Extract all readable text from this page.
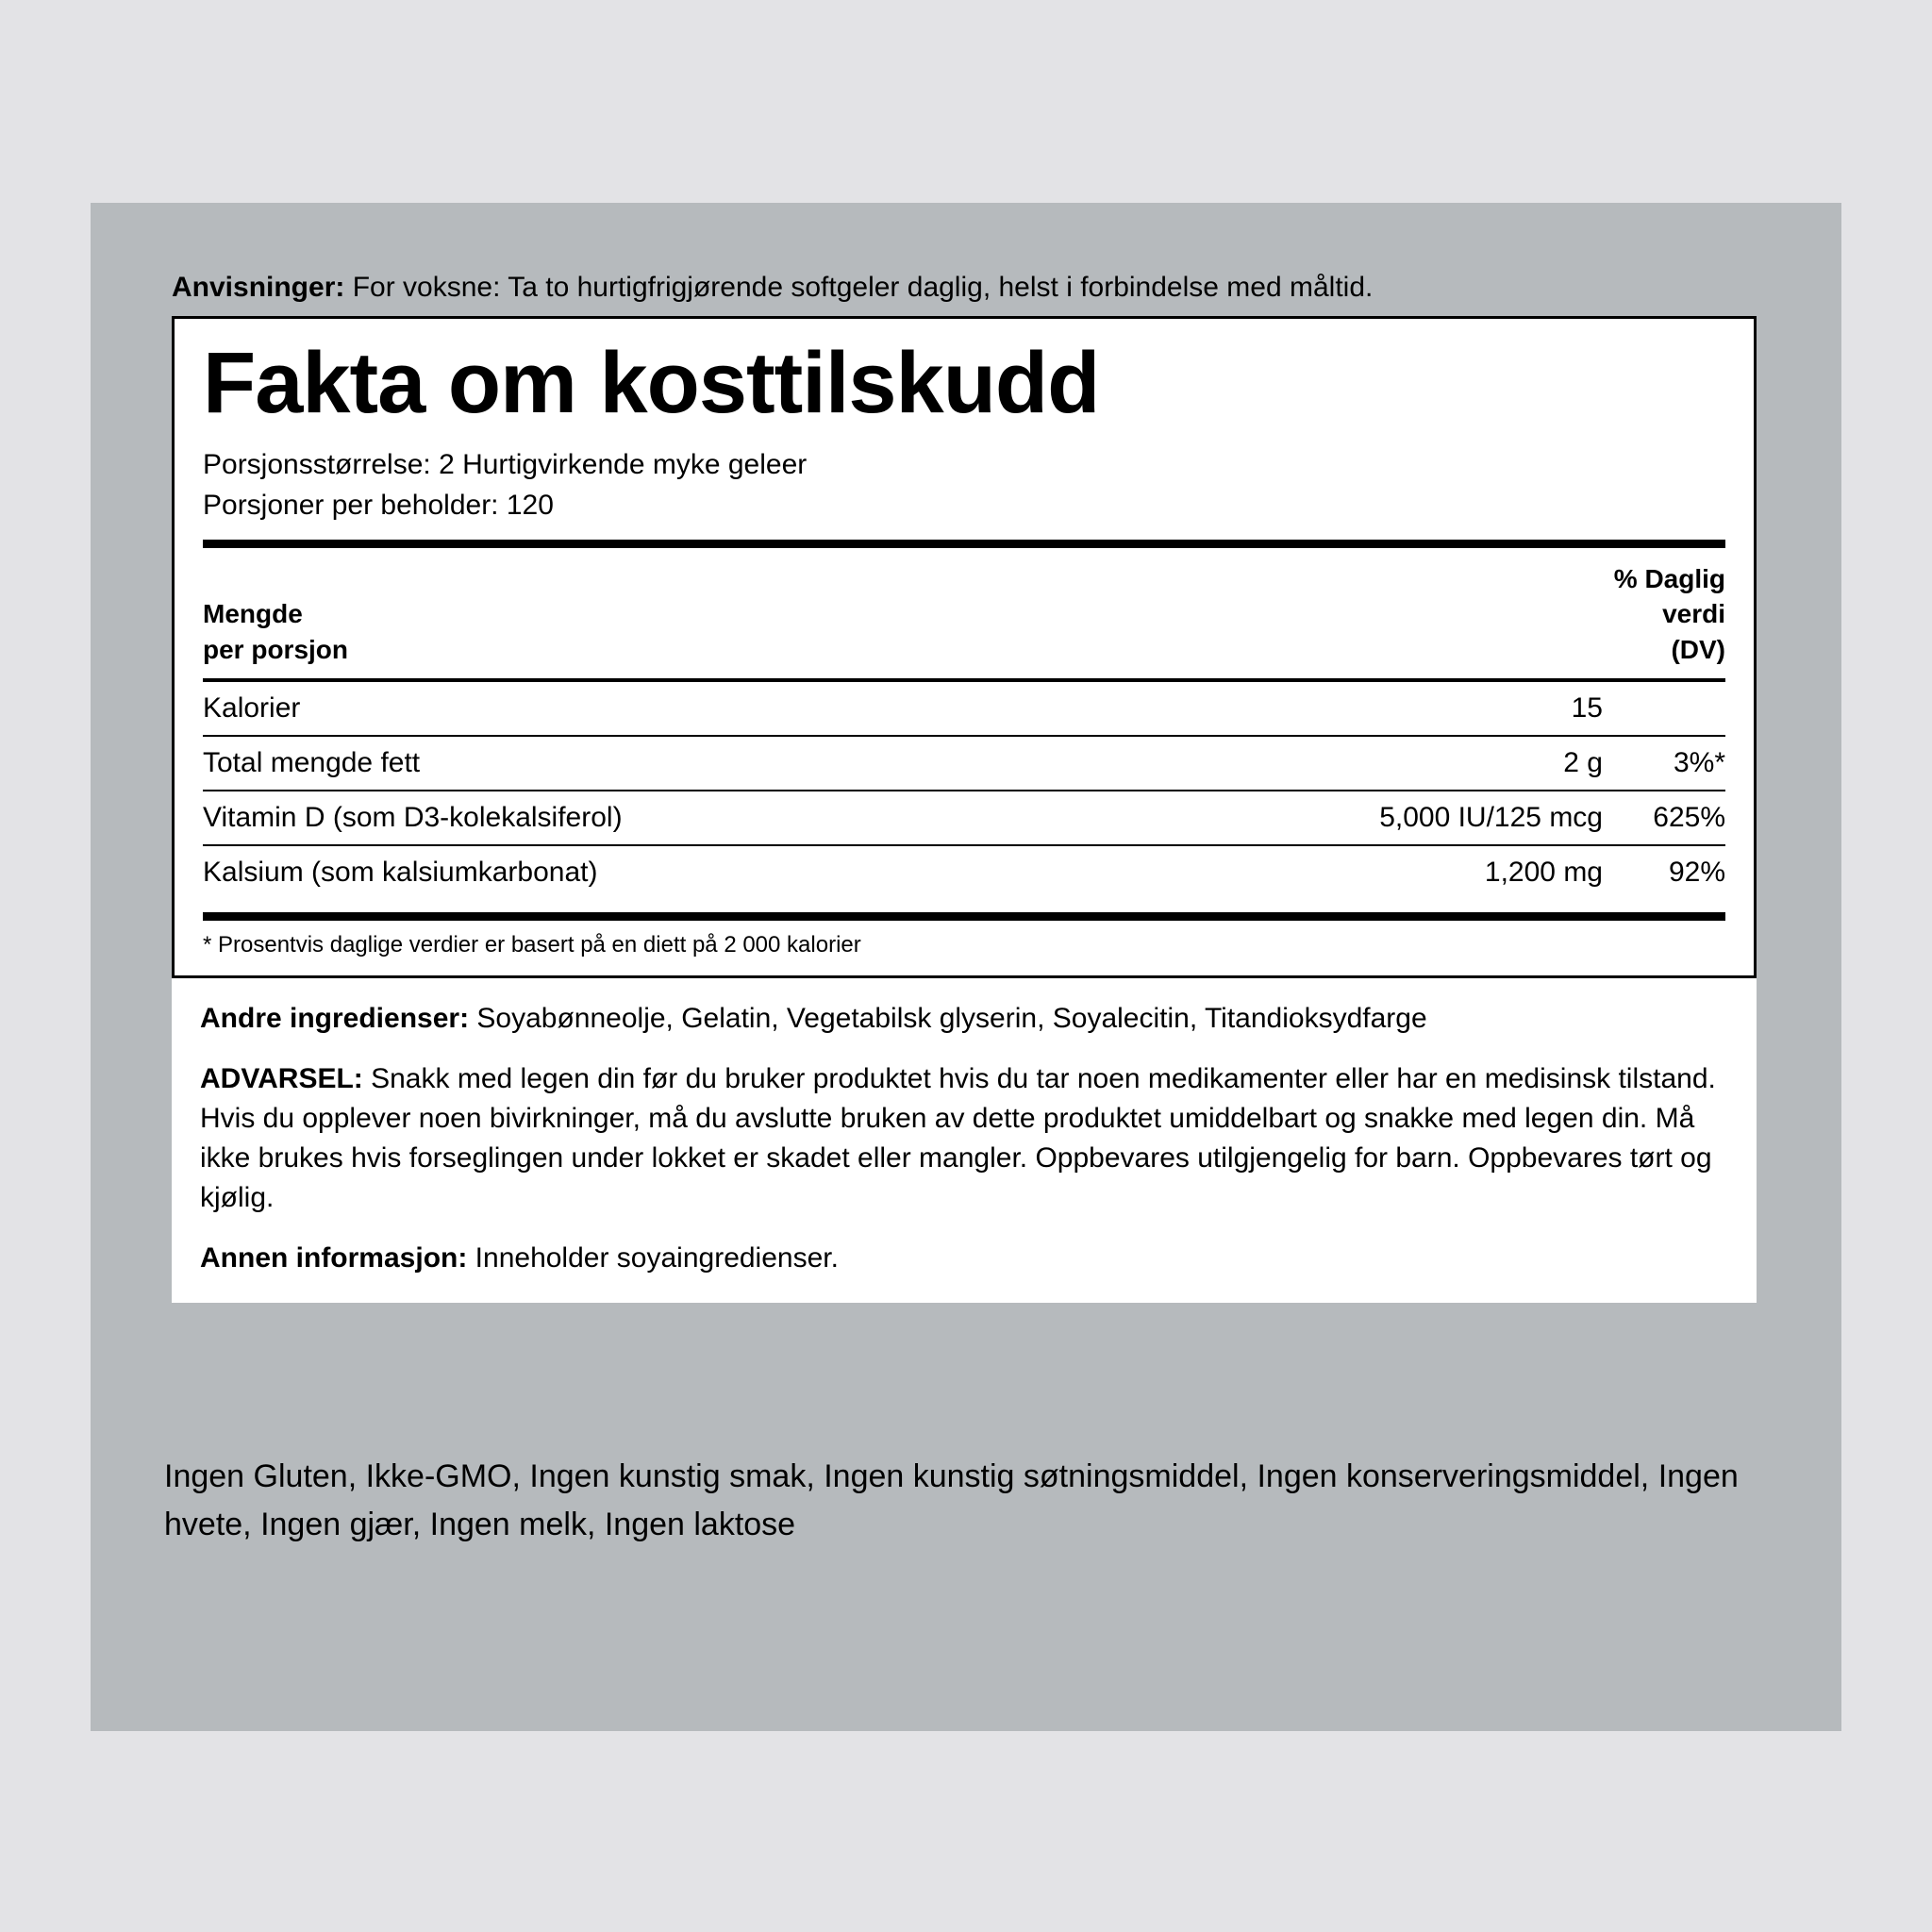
Anvisninger: For voksne: Ta to hurtigfrigjørende softgeler daglig, helst i forbindelse med måltid.
Fakta om kosttilskudd
Porsjonsstørrelse: 2 Hurtigvirkende myke geleer
Porsjoner per beholder: 120
Mengde
per porsjon

% Daglig
verdi
(DV)
Kalorier	15	
Total mengde fett	2 g	3%*
Vitamin D (som D3-kolekalsiferol)	5,000 IU/125 mcg	625%
Kalsium (som kalsiumkarbonat)	1,200 mg	92%
* Prosentvis daglige verdier er basert på en diett på 2 000 kalorier
Andre ingredienser: Soyabønneolje, Gelatin, Vegetabilsk glyserin, Soyalecitin, Titandioksydfarge
ADVARSEL: Snakk med legen din før du bruker produktet hvis du tar noen medikamenter eller har en medisinsk tilstand. Hvis du opplever noen bivirkninger, må du avslutte bruken av dette produktet umiddelbart og snakke med legen din. Må ikke brukes hvis forseglingen under lokket er skadet eller mangler. Oppbevares utilgjengelig for barn. Oppbevares tørt og kjølig.
Annen informasjon: Inneholder soyaingredienser.
Ingen Gluten, Ikke-GMO, Ingen kunstig smak, Ingen kunstig søtningsmiddel, Ingen konserveringsmiddel, Ingen hvete, Ingen gjær, Ingen melk, Ingen laktose
